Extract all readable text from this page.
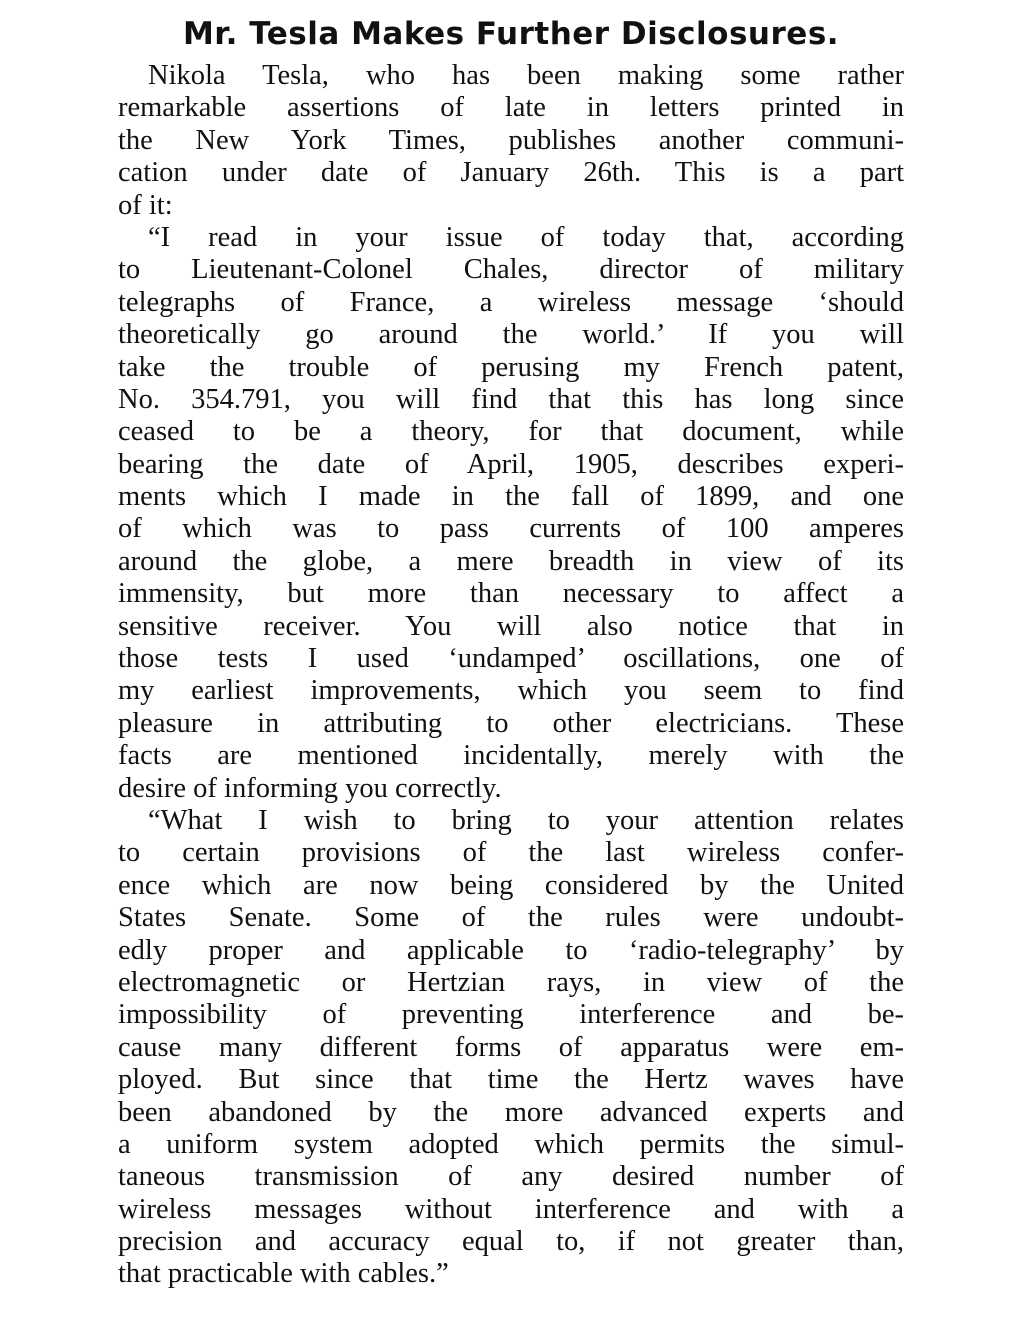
Mr. Tesla Makes Further Disclosures.

Nikola Tesla, who has been making some rather
remarkable assertions of late in letters printed in
the New York Times, publishes another communi-
cation under date of January 26th. This is a part
of it:

“I read in your issue of today that, according
to Lieutenant-Colonel Chales, director of military
telegraphs of France, a wireless message ‘should
theoretically go around the world.’ If you will
take the trouble of perusing my French patent,
No. 354.791, you will find that this has long since
ceased to be a theory, for that document, while
bearing the date of April, 1905, describes experi-
ments which I made in the fall of 1899, and one
of which was to pass currents of 100 amperes
around the globe, a mere breadth in view of its
immensity, but more than necessary to affect a
sensitive receiver. You will also notice that in
those tests I used ‘undamped’ oscillations, one of
my earliest improvements, which you seem to find
pleasure in attributing to other electricians. These
facts are mentioned incidentally, merely with the
desire of informing you correctly.

“What I wish to bring to your attention relates
to certain provisions of the last wireless confer-
ence which are now being considered by the United
States Senate. Some of the rules were undoubt-
edly proper and applicable to ‘radio-telegraphy’ by
electromagnetic or Hertzian rays, in view of the
impossibility of preventing interference and be-
cause many different forms of apparatus were em-
ployed. But since that time the Hertz waves have
been abandoned by the more advanced experts and
a uniform system adopted which permits the simul-
taneous transmission of any desired number of
wireless messages without interference and with a
precision and accuracy equal to, if not greater than,
that practicable with cables.”
